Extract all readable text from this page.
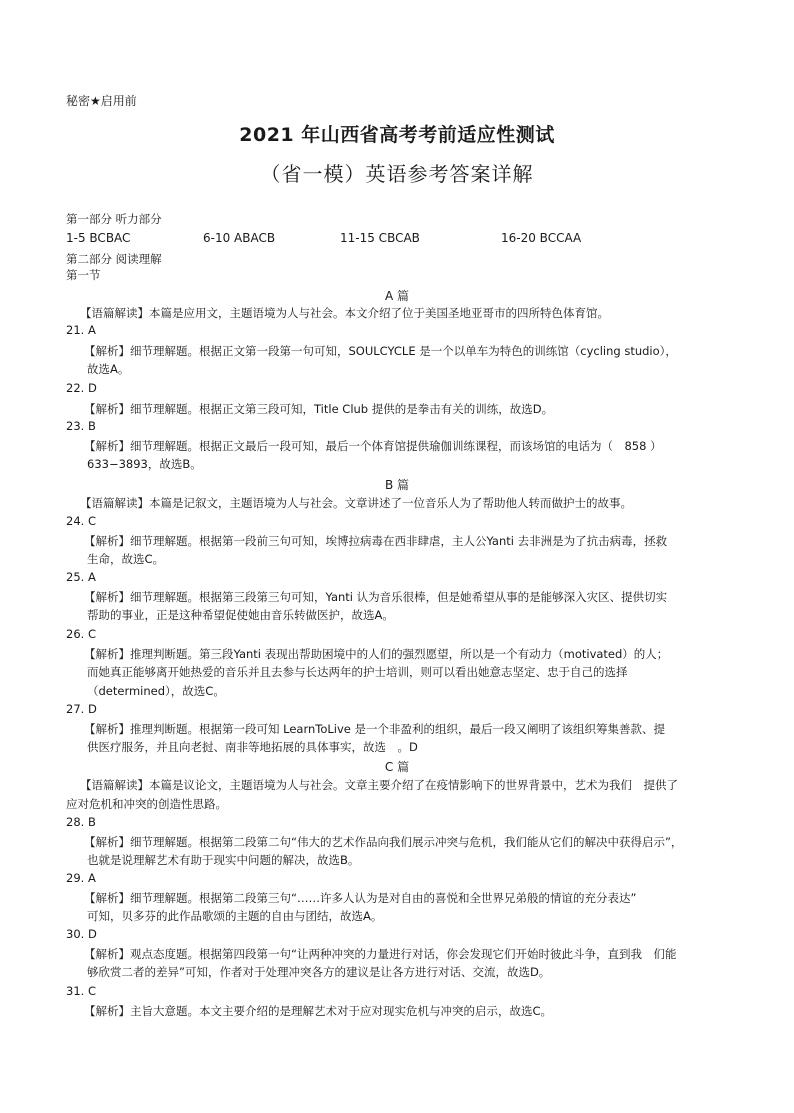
秘密★启用前
2021 年山西省高考考前适应性测试
（省一模）英语参考答案详解
第一部分 听力部分
1-5 BCBAC	6-10 ABACB	11-15 CBCAB	16-20 BCCAA
第二部分 阅读理解
第一节
A 篇
【语篇解读】本篇是应用文，主题语境为人与社会。本文介绍了位于美国圣地亚哥市的四所特色体育馆。
21. A
【解析】细节理解题。根据正文第一段第一句可知，SOULCYCLE 是一个以单车为特色的训练馆（cycling studio），
故选A。
22. D
【解析】细节理解题。根据正文第三段可知，Title Club 提供的是拳击有关的训练，故选D。
23. B
【解析】细节理解题。根据正文最后一段可知，最后一个体育馆提供瑜伽训练课程，而该场馆的电话为（　858 ）
633−3893，故选B。
B 篇
【语篇解读】本篇是记叙文，主题语境为人与社会。文章讲述了一位音乐人为了帮助他人转而做护士的故事。
24. C
【解析】细节理解题。根据第一段前三句可知，埃博拉病毒在西非肆虐，主人公Yanti 去非洲是为了抗击病毒，拯救
生命，故选C。
25. A
【解析】细节理解题。根据第三段第三句可知，Yanti 认为音乐很棒，但是她希望从事的是能够深入灾区、提供切实
帮助的事业，正是这种希望促使她由音乐转做医护，故选A。
26. C
【解析】推理判断题。第三段Yanti 表现出帮助困境中的人们的强烈愿望，所以是一个有动力（motivated）的人；
而她真正能够离开她热爱的音乐并且去参与长达两年的护士培训，则可以看出她意志坚定、忠于自己的选择
（determined），故选C。
27. D
【解析】推理判断题。根据第一段可知 LearnToLive 是一个非盈利的组织，最后一段又阐明了该组织筹集善款、提
供医疗服务，并且向老挝、南非等地拓展的具体事实，故选　。D
C 篇
【语篇解读】本篇是议论文，主题语境为人与社会。文章主要介绍了在疫情影响下的世界背景中，艺术为我们　提供了
应对危机和冲突的创造性思路。
28. B
【解析】细节理解题。根据第二段第二句“伟大的艺术作品向我们展示冲突与危机，我们能从它们的解决中获得启示”，
也就是说理解艺术有助于现实中问题的解决，故选B。
29. A
【解析】细节理解题。根据第二段第三句“……许多人认为是对自由的喜悦和全世界兄弟般的情谊的充分表达”
可知，贝多芬的此作品歌颂的主题的自由与团结，故选A。
30. D
【解析】观点态度题。根据第四段第一句“让两种冲突的力量进行对话，你会发现它们开始时彼此斗争，直到我　们能
够欣赏二者的差异”可知，作者对于处理冲突各方的建议是让各方进行对话、交流，故选D。
31. C
【解析】主旨大意题。本文主要介绍的是理解艺术对于应对现实危机与冲突的启示，故选C。
